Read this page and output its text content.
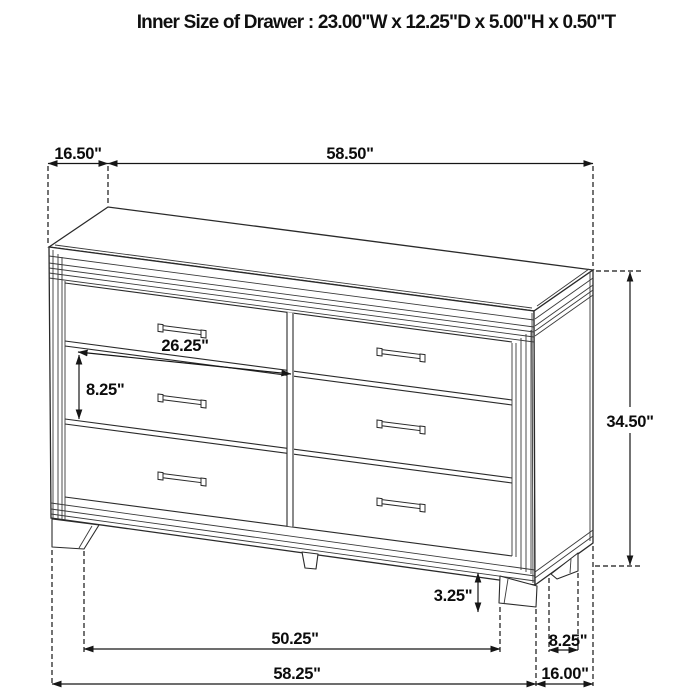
Inner Size of Drawer : 23.00"W x 12.25"D x 5.00"H x 0.50"T
16.50"	58.50"
34.50"
26.25"
8.25"
3.25"
50.25"	8.25"
58.25"	16.00"
